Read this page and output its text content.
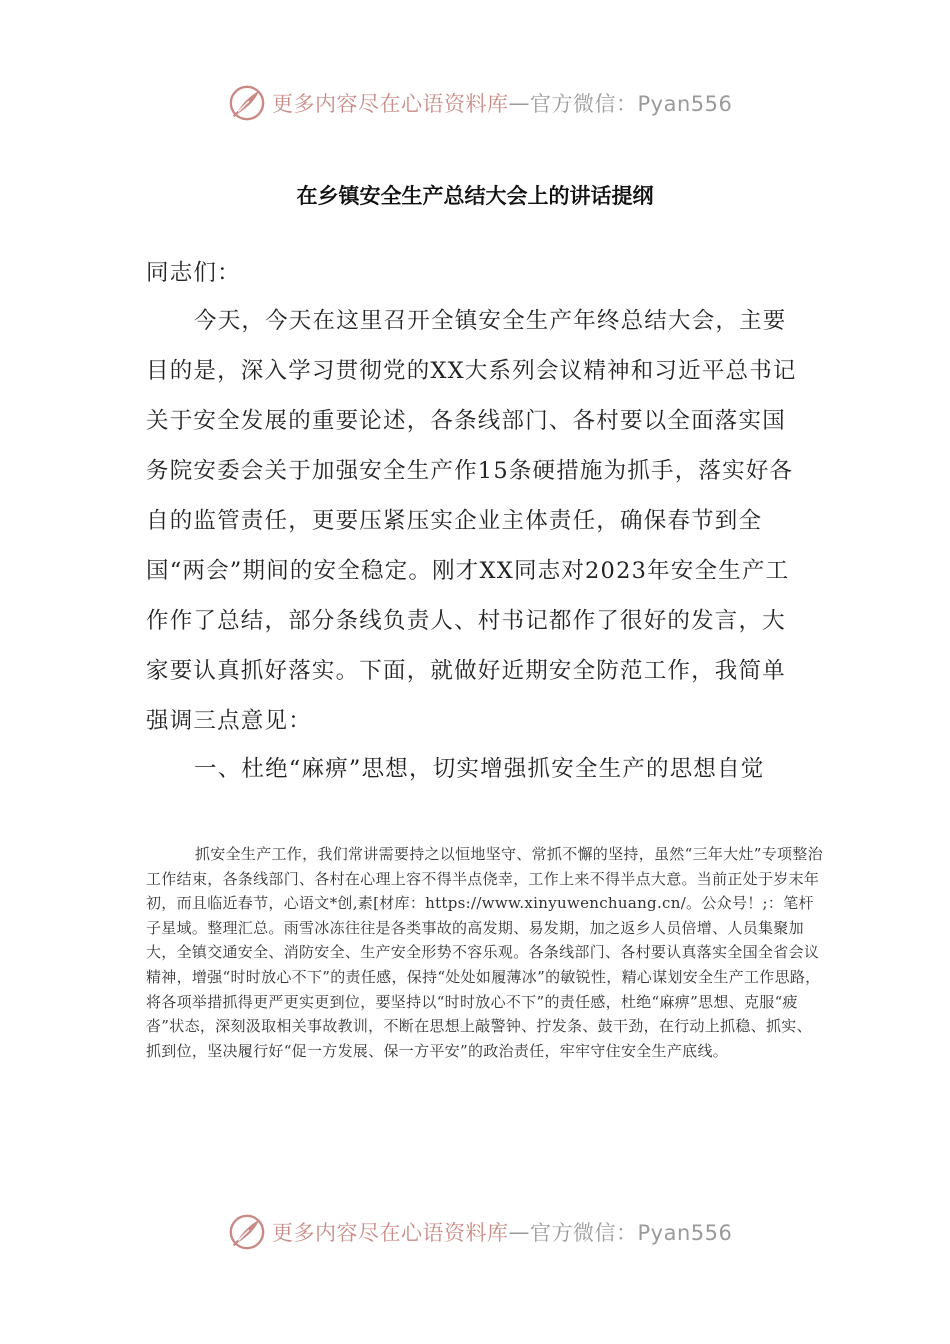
更多内容尽在心语资料库 — 官方微信：Pyan556
在乡镇安全生产总结大会上的讲话提纲

同志们：

今天，今天在这里召开全镇安全生产年终总结大会，主要目的是，深入学习贯彻党的XX大系列会议精神和习近平总书记关于安全发展的重要论述，各条线部门、各村要以全面落实国务院安委会关于加强安全生产作15条硬措施为抓手，落实好各自的监管责任，更要压紧压实企业主体责任，确保春节到全国“两会”期间的安全稳定。刚才XX同志对2023年安全生产工作作了总结，部分条线负责人、村书记都作了很好的发言，大家要认真抓好落实。下面，就做好近期安全防范工作，我简单强调三点意见：

一、杜绝“麻痹”思想，切实增强抓安全生产的思想自觉

抓安全生产工作，我们常讲需要持之以恒地坚守、常抓不懈的坚持，虽然“三年大灶”专项整治工作结束，各条线部门、各村在心理上容不得半点侥幸，工作上来不得半点大意。当前正处于岁末年初，而且临近春节，心语文*创,素[材库：https://www.xinyuwenchuang.cn/。公众号！;：笔杆子星域。整理汇总。雨雪冰冻往往是各类事故的高发期、易发期，加之返乡人员倍增、人员集聚加大，全镇交通安全、消防安全、生产安全形势不容乐观。各条线部门、各村要认真落实全国全省会议精神，增强“时时放心不下”的责任感，保持“处处如履薄冰”的敏锐性，精心谋划安全生产工作思路，将各项举措抓得更严更实更到位，要坚持以“时时放心不下”的责任感，杜绝“麻痹”思想、克服“疲沓”状态，深刻汲取相关事故教训，不断在思想上敲警钟、拧发条、鼓干劲，在行动上抓稳、抓实、抓到位，坚决履行好“促一方发展、保一方平安”的政治责任，牢牢守住安全生产底线。

更多内容尽在心语资料库 — 官方微信：Pyan556
